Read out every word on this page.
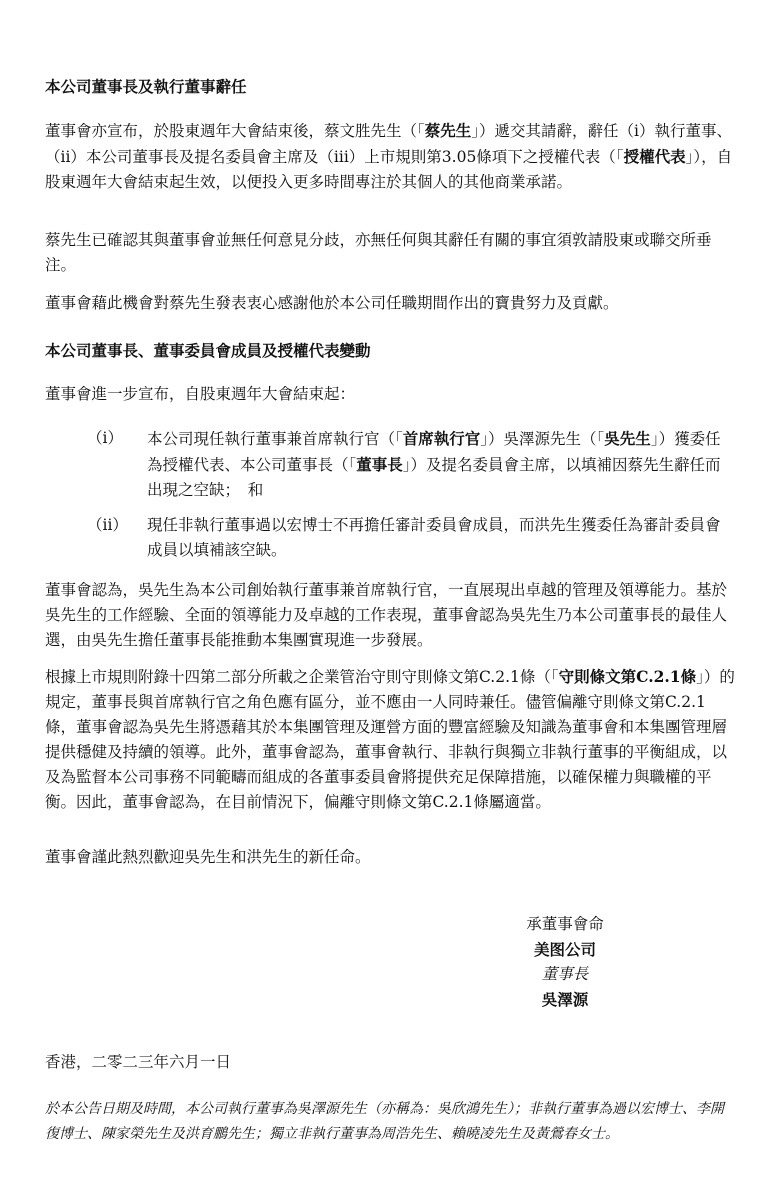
本公司董事長及執行董事辭任

董事會亦宣布，於股東週年大會結束後，蔡文胜先生（「蔡先生」）遞交其請辭，辭任（i）執行董事、（ii）本公司董事長及提名委員會主席及（iii）上市規則第3.05條項下之授權代表（「授權代表」），自股東週年大會結束起生效，以便投入更多時間專注於其個人的其他商業承諾。

蔡先生已確認其與董事會並無任何意見分歧，亦無任何與其辭任有關的事宜須敦請股東或聯交所垂注。

董事會藉此機會對蔡先生發表衷心感謝他於本公司任職期間作出的寶貴努力及貢獻。

本公司董事長、董事委員會成員及授權代表變動

董事會進一步宣布，自股東週年大會結束起：

（i） 本公司現任執行董事兼首席執行官（「首席執行官」）吳澤源先生（「吳先生」）獲委任為授權代表、本公司董事長（「董事長」）及提名委員會主席，以填補因蔡先生辭任而出現之空缺；　和
（ii） 現任非執行董事過以宏博士不再擔任審計委員會成員，而洪先生獲委任為審計委員會成員以填補該空缺。

董事會認為，吳先生為本公司創始執行董事兼首席執行官，一直展現出卓越的管理及領導能力。基於吳先生的工作經驗、全面的領導能力及卓越的工作表現，董事會認為吳先生乃本公司董事長的最佳人選，由吳先生擔任董事長能推動本集團實現進一步發展。

根據上市規則附錄十四第二部分所載之企業管治守則守則條文第C.2.1條（「守則條文第C.2.1條」）的規定，董事長與首席執行官之角色應有區分，並不應由一人同時兼任。儘管偏離守則條文第C.2.1條，董事會認為吳先生將憑藉其於本集團管理及運營方面的豐富經驗及知識為董事會和本集團管理層提供穩健及持續的領導。此外，董事會認為，董事會執行、非執行與獨立非執行董事的平衡組成，以及為監督本公司事務不同範疇而組成的各董事委員會將提供充足保障措施，以確保權力與職權的平衡。因此，董事會認為，在目前情況下，偏離守則條文第C.2.1條屬適當。

董事會謹此熱烈歡迎吳先生和洪先生的新任命。

承董事會命
美图公司
董事長
吳澤源
香港，二零二三年六月一日

於本公告日期及時間，本公司執行董事為吳澤源先生（亦稱為：吳欣鴻先生）；非執行董事為過以宏博士、李開復博士、陳家榮先生及洪育鵬先生；獨立非執行董事為周浩先生、賴曉凌先生及黃鶯春女士。
